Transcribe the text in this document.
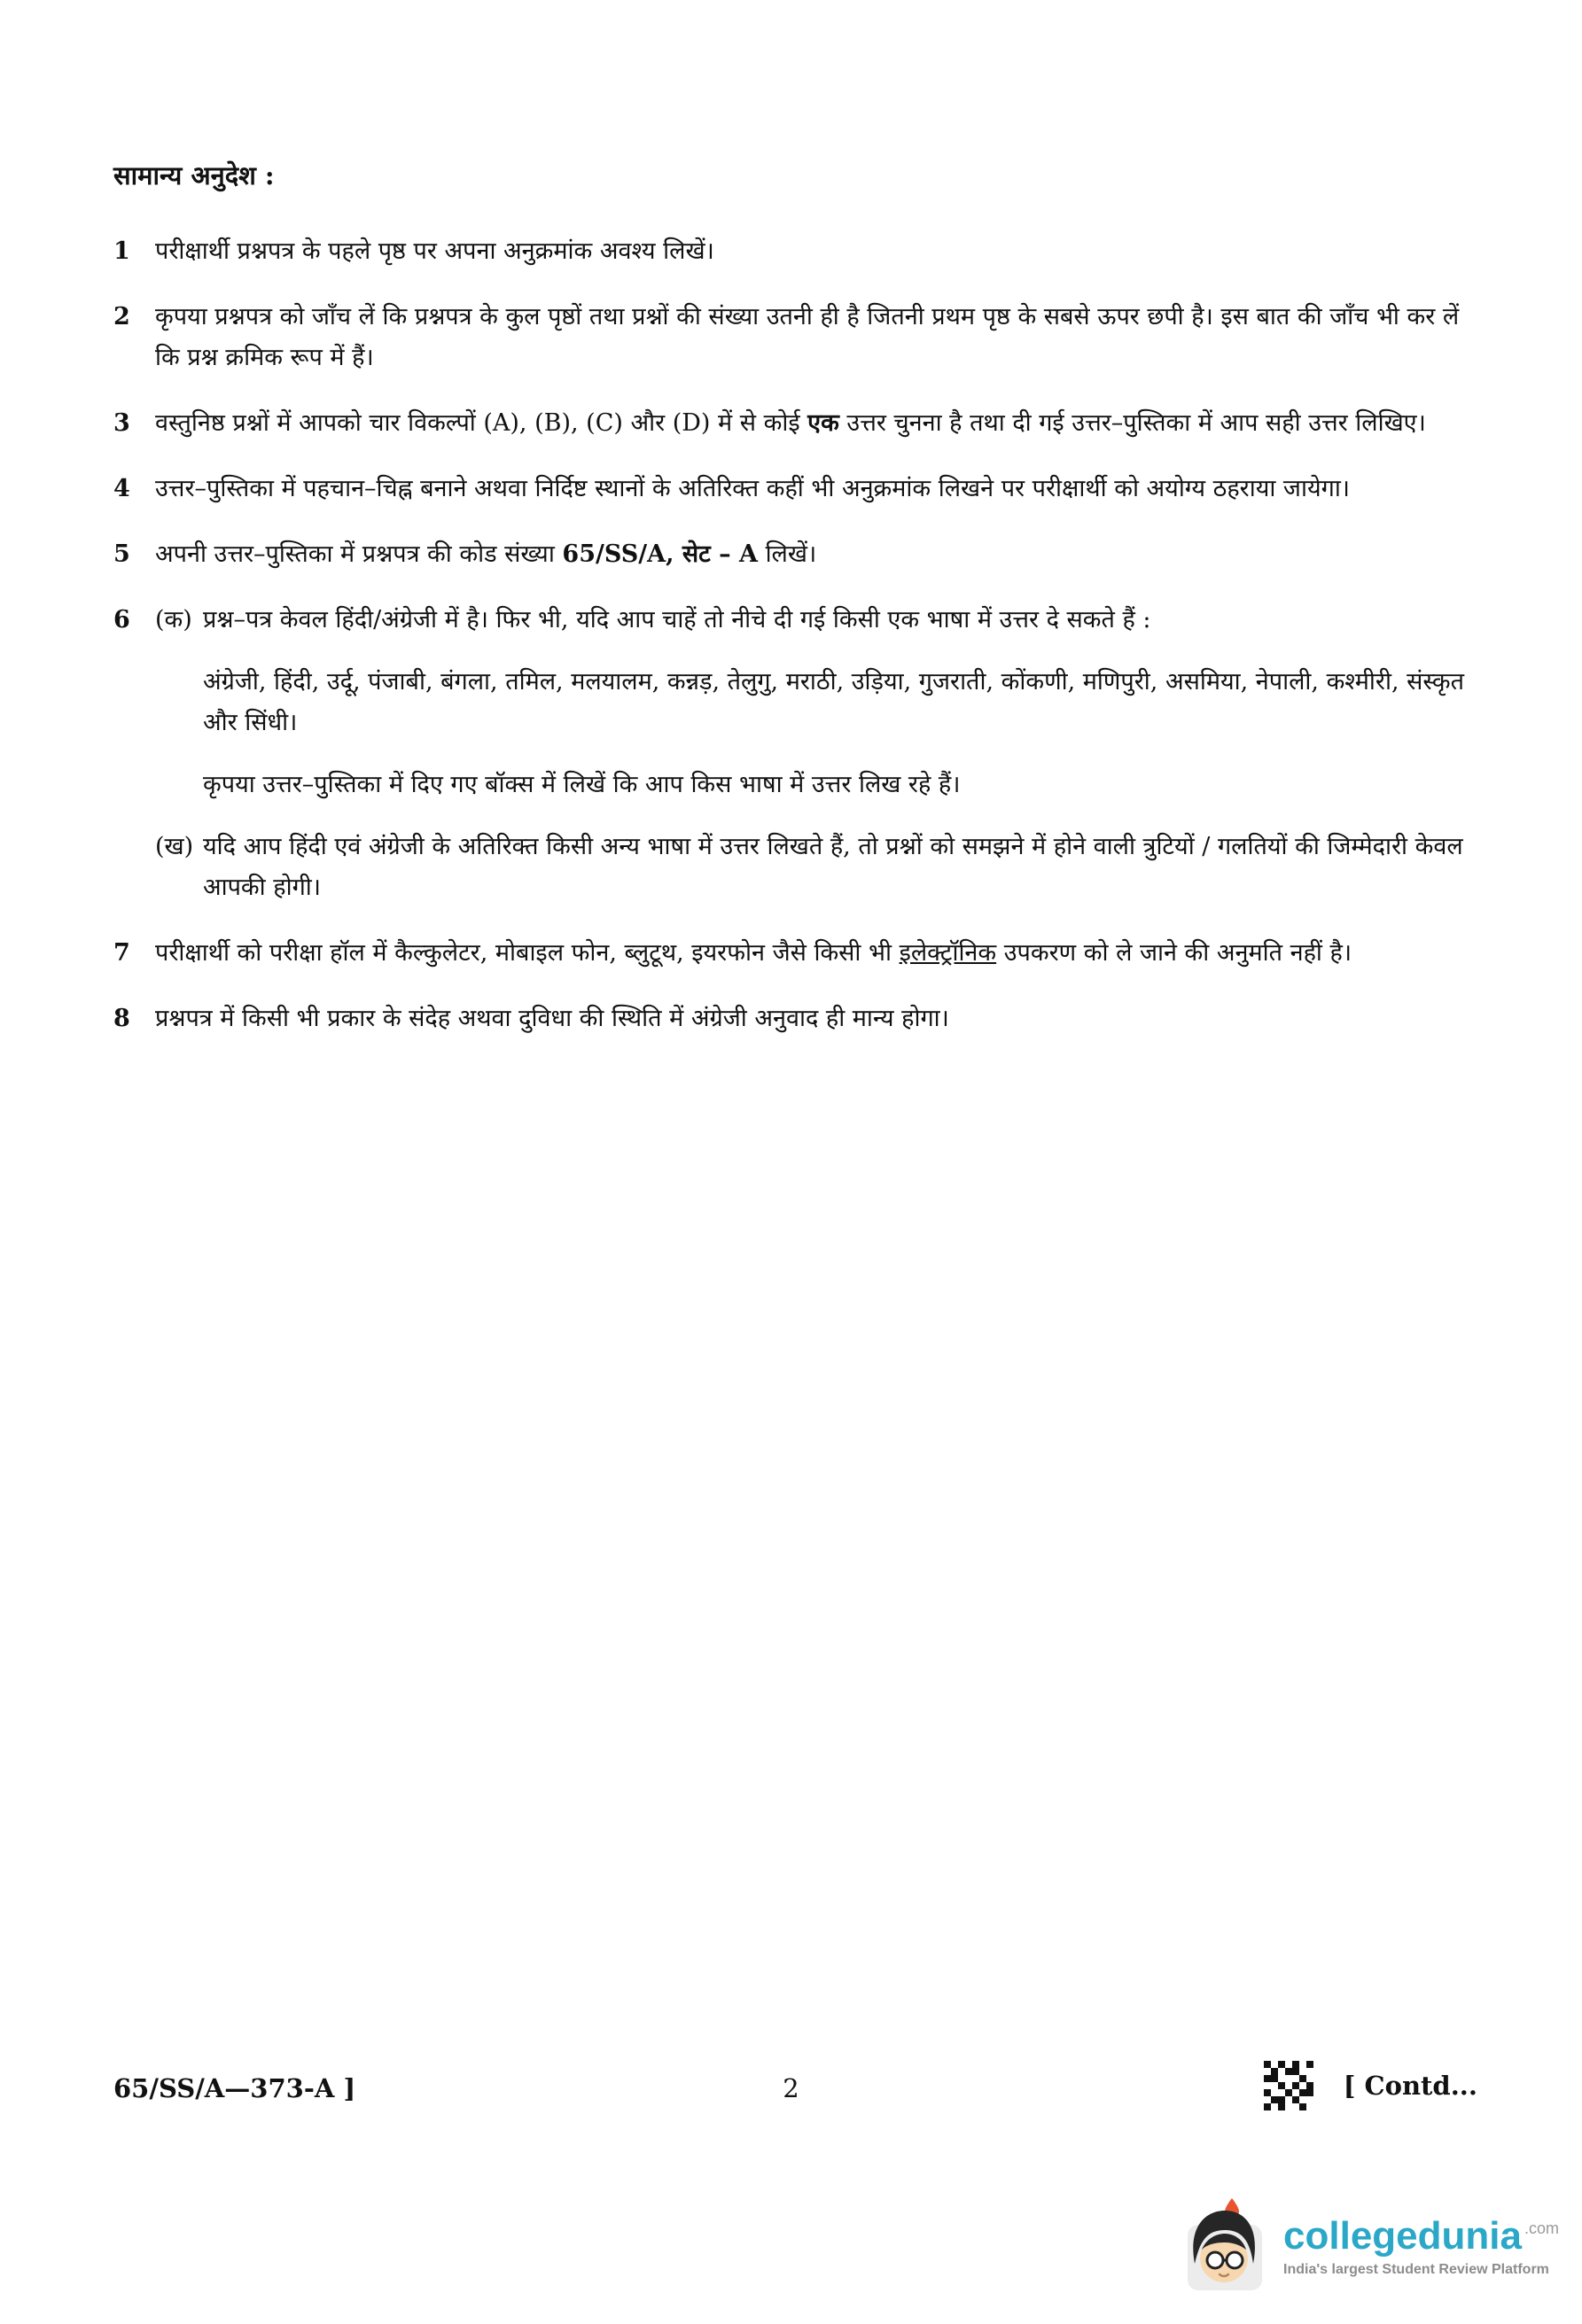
सामान्य अनुदेश :
1	परीक्षार्थी प्रश्नपत्र के पहले पृष्ठ पर अपना अनुक्रमांक अवश्य लिखें।

2	कृपया प्रश्नपत्र को जाँच लें कि प्रश्नपत्र के कुल पृष्ठों तथा प्रश्नों की संख्या उतनी ही है जितनी प्रथम पृष्ठ के सबसे ऊपर छपी है। इस बात की जाँच भी कर लें कि प्रश्न क्रमिक रूप में हैं।

3	वस्तुनिष्ठ प्रश्नों में आपको चार विकल्पों (A), (B), (C) और (D) में से कोई एक उत्तर चुनना है तथा दी गई उत्तर–पुस्तिका में आप सही उत्तर लिखिए।

4	उत्तर–पुस्तिका में पहचान–चिह्न बनाने अथवा निर्दिष्ट स्थानों के अतिरिक्त कहीं भी अनुक्रमांक लिखने पर परीक्षार्थी को अयोग्य ठहराया जायेगा।

5	अपनी उत्तर–पुस्तिका में प्रश्नपत्र की कोड संख्या 65/SS/A, सेट – A लिखें।

6	(क) प्रश्न–पत्र केवल हिंदी/अंग्रेजी में है। फिर भी, यदि आप चाहें तो नीचे दी गई किसी एक भाषा में उत्तर दे सकते हैं :

अंग्रेजी, हिंदी, उर्दू, पंजाबी, बंगला, तमिल, मलयालम, कन्नड़, तेलुगु, मराठी, उड़िया, गुजराती, कोंकणी, मणिपुरी, असमिया, नेपाली, कश्मीरी, संस्कृत और सिंधी।

कृपया उत्तर–पुस्तिका में दिए गए बॉक्स में लिखें कि आप किस भाषा में उत्तर लिख रहे हैं।

(ख) यदि आप हिंदी एवं अंग्रेजी के अतिरिक्त किसी अन्य भाषा में उत्तर लिखते हैं, तो प्रश्नों को समझने में होने वाली त्रुटियों / गलतियों की जिम्मेदारी केवल आपकी होगी।

7	परीक्षार्थी को परीक्षा हॉल में कैल्कुलेटर, मोबाइल फोन, ब्लुटूथ, इयरफोन जैसे किसी भी इलेक्ट्रॉनिक उपकरण को ले जाने की अनुमति नहीं है।

8	प्रश्नपत्र में किसी भी प्रकार के संदेह अथवा दुविधा की स्थिति में अंग्रेजी अनुवाद ही मान्य होगा।

65/SS/A—373-A ]	2	[ Contd...
collegedunia .com
India's largest Student Review Platform
